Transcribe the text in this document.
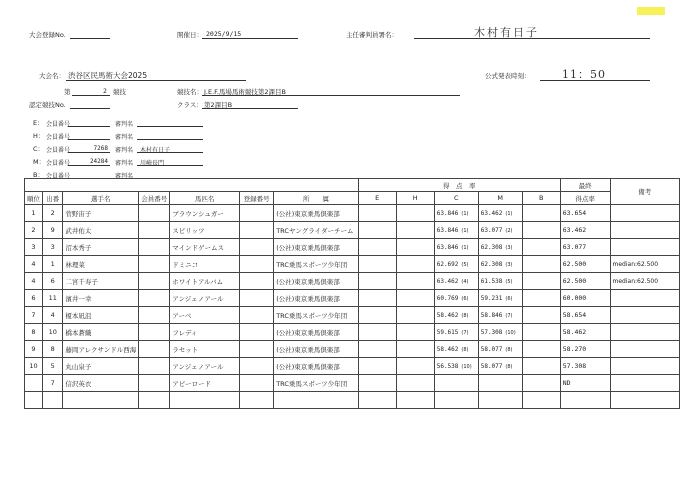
大会登録No.	開催日： 2025/9/15	主任審判員署名：	木村有日子
大会名： 渋谷区民馬術大会2025	公式発表時刻：	11：50
第	2 競技	競技名： J.E.F.馬場馬術競技第2課目B
認定競技No.	クラス： 第2課目B
E： 会員番号	審判名
H： 会員番号	審判名
C： 会員番号	7268 審判名 木村有日子
M： 会員番号	24284 審判名 川崎長門
B： 会員番号	審判名
							得　点　率					最終	備考
順位	出番	選手名	会員番号	馬匹名	登録番号	所　　属	E	H	C	M	B	得点率	
1	2	菅野宙子		ブラウンシュガー		(公社)東京乗馬倶楽部			63.846 (1)	63.462 (1)		63.654	
2	9	武井佑太		スピリッツ		TRCヤングライダーチーム			63.846 (1)	63.077 (2)		63.462	
3	3	沼本秀子		マインドゲームス		(公社)東京乗馬倶楽部			63.846 (1)	62.308 (3)		63.077	
4	1	林理菜		ドミニコ		TRC乗馬スポーツ少年団			62.692 (5)	62.308 (3)		62.500	median:62.500
4	6	二宮千寿子		ホワイトアルバム		(公社)東京乗馬倶楽部			63.462 (4)	61.538 (5)		62.500	median:62.500
6	11	濱井一幸		アンジェノアール		(公社)東京乗馬倶楽部			60.769 (6)	59.231 (6)		60.000	
7	4	榎本凪沮		アーベ		TRC乗馬スポーツ少年団			58.462 (8)	58.846 (7)		58.654	
8	10	橋本蒼織		フレディ		(公社)東京乗馬倶楽部			59.615 (7)	57.308 (10)		58.462	
9	8	藤岡アレクサンドル西海		ラセット		(公社)東京乗馬倶楽部			58.462 (8)	58.077 (8)		58.270	
10	5	丸山泉子		アンジェノアール		(公社)東京乗馬倶楽部			56.538 (10)	58.077 (8)		57.308	
	7	信沢英衣		アビーロード		TRC乗馬スポーツ少年団						ND	
